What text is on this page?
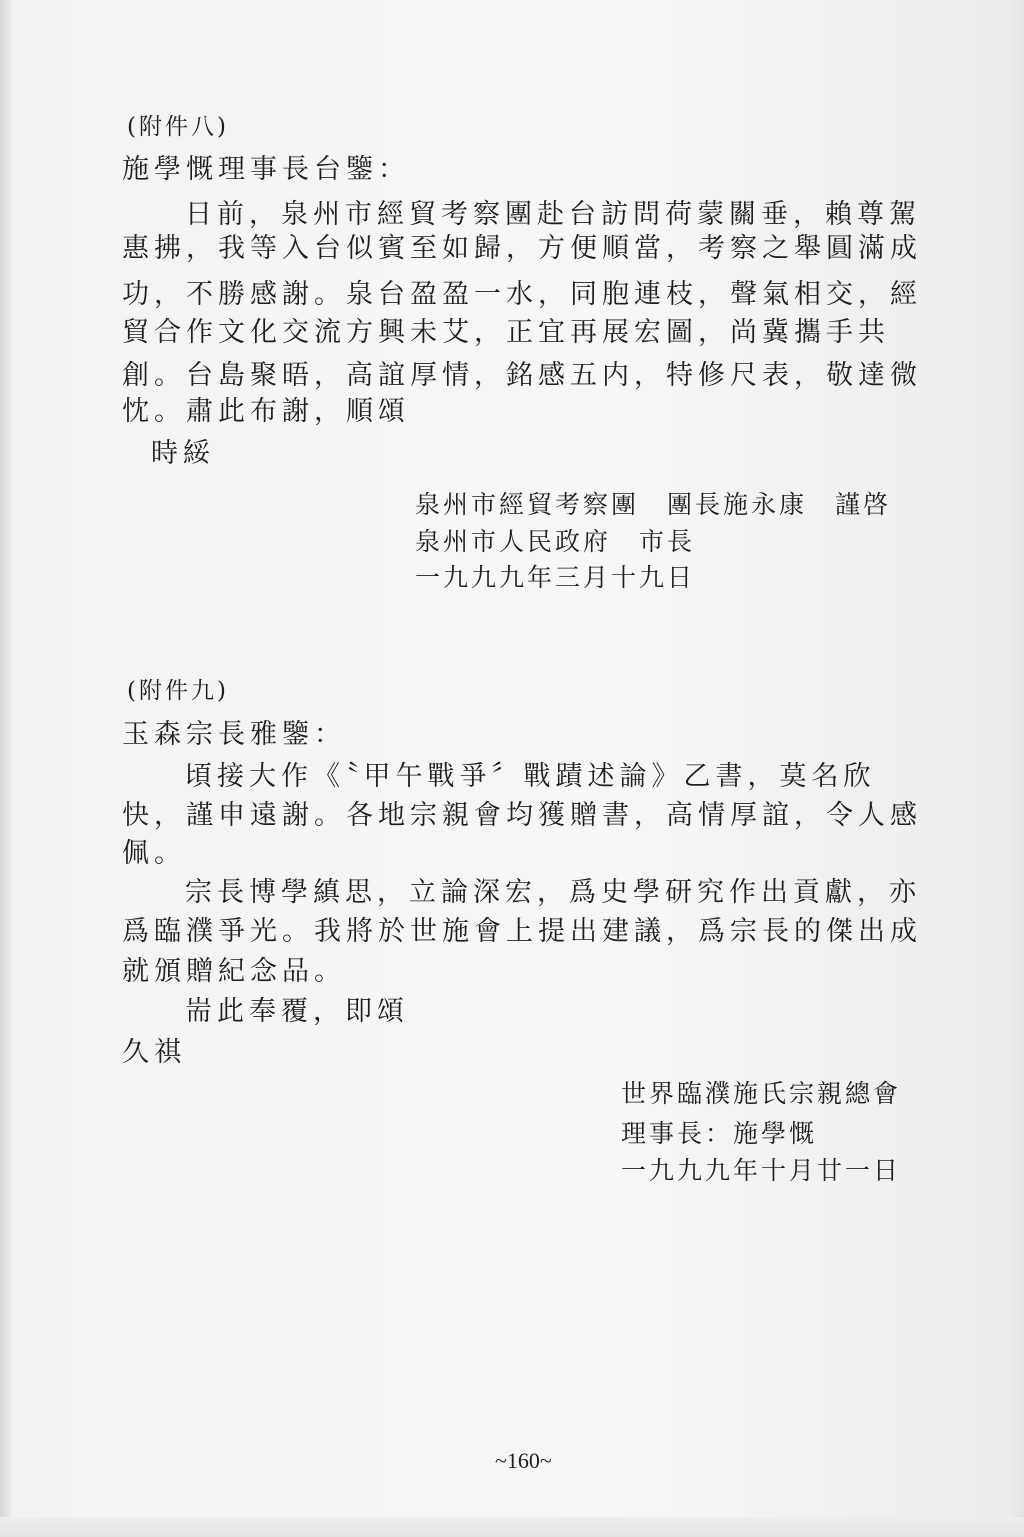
(附件八)
施學慨理事長台鑒：
日前，泉州市經貿考察團赴台訪問荷蒙關垂，賴尊駕
惠拂，我等入台似賓至如歸，方便順當，考察之舉圓滿成
功，不勝感謝。泉台盈盈一水，同胞連枝，聲氣相交，經
貿合作文化交流方興未艾，正宜再展宏圖，尚冀攜手共
創。台島聚晤，高誼厚情，銘感五内，特修尺表，敬達微
忱。肅此布謝，順頌
時綏
泉州市經貿考察團　團長施永康　謹啓
泉州市人民政府　市長
一九九九年三月十九日
(附件九)
玉森宗長雅鑒：
頃接大作《〝甲午戰爭〞戰蹟述論》乙書，莫名欣
快，謹申遠謝。各地宗親會均獲贈書，高情厚誼，令人感
佩。
宗長博學縝思，立論深宏，爲史學研究作出貢獻，亦
爲臨濮爭光。我將於世施會上提出建議，爲宗長的傑出成
就頒贈紀念品。
耑此奉覆，即頌
久祺
世界臨濮施氏宗親總會
理事長：施學慨
一九九九年十月廿一日
~160~
